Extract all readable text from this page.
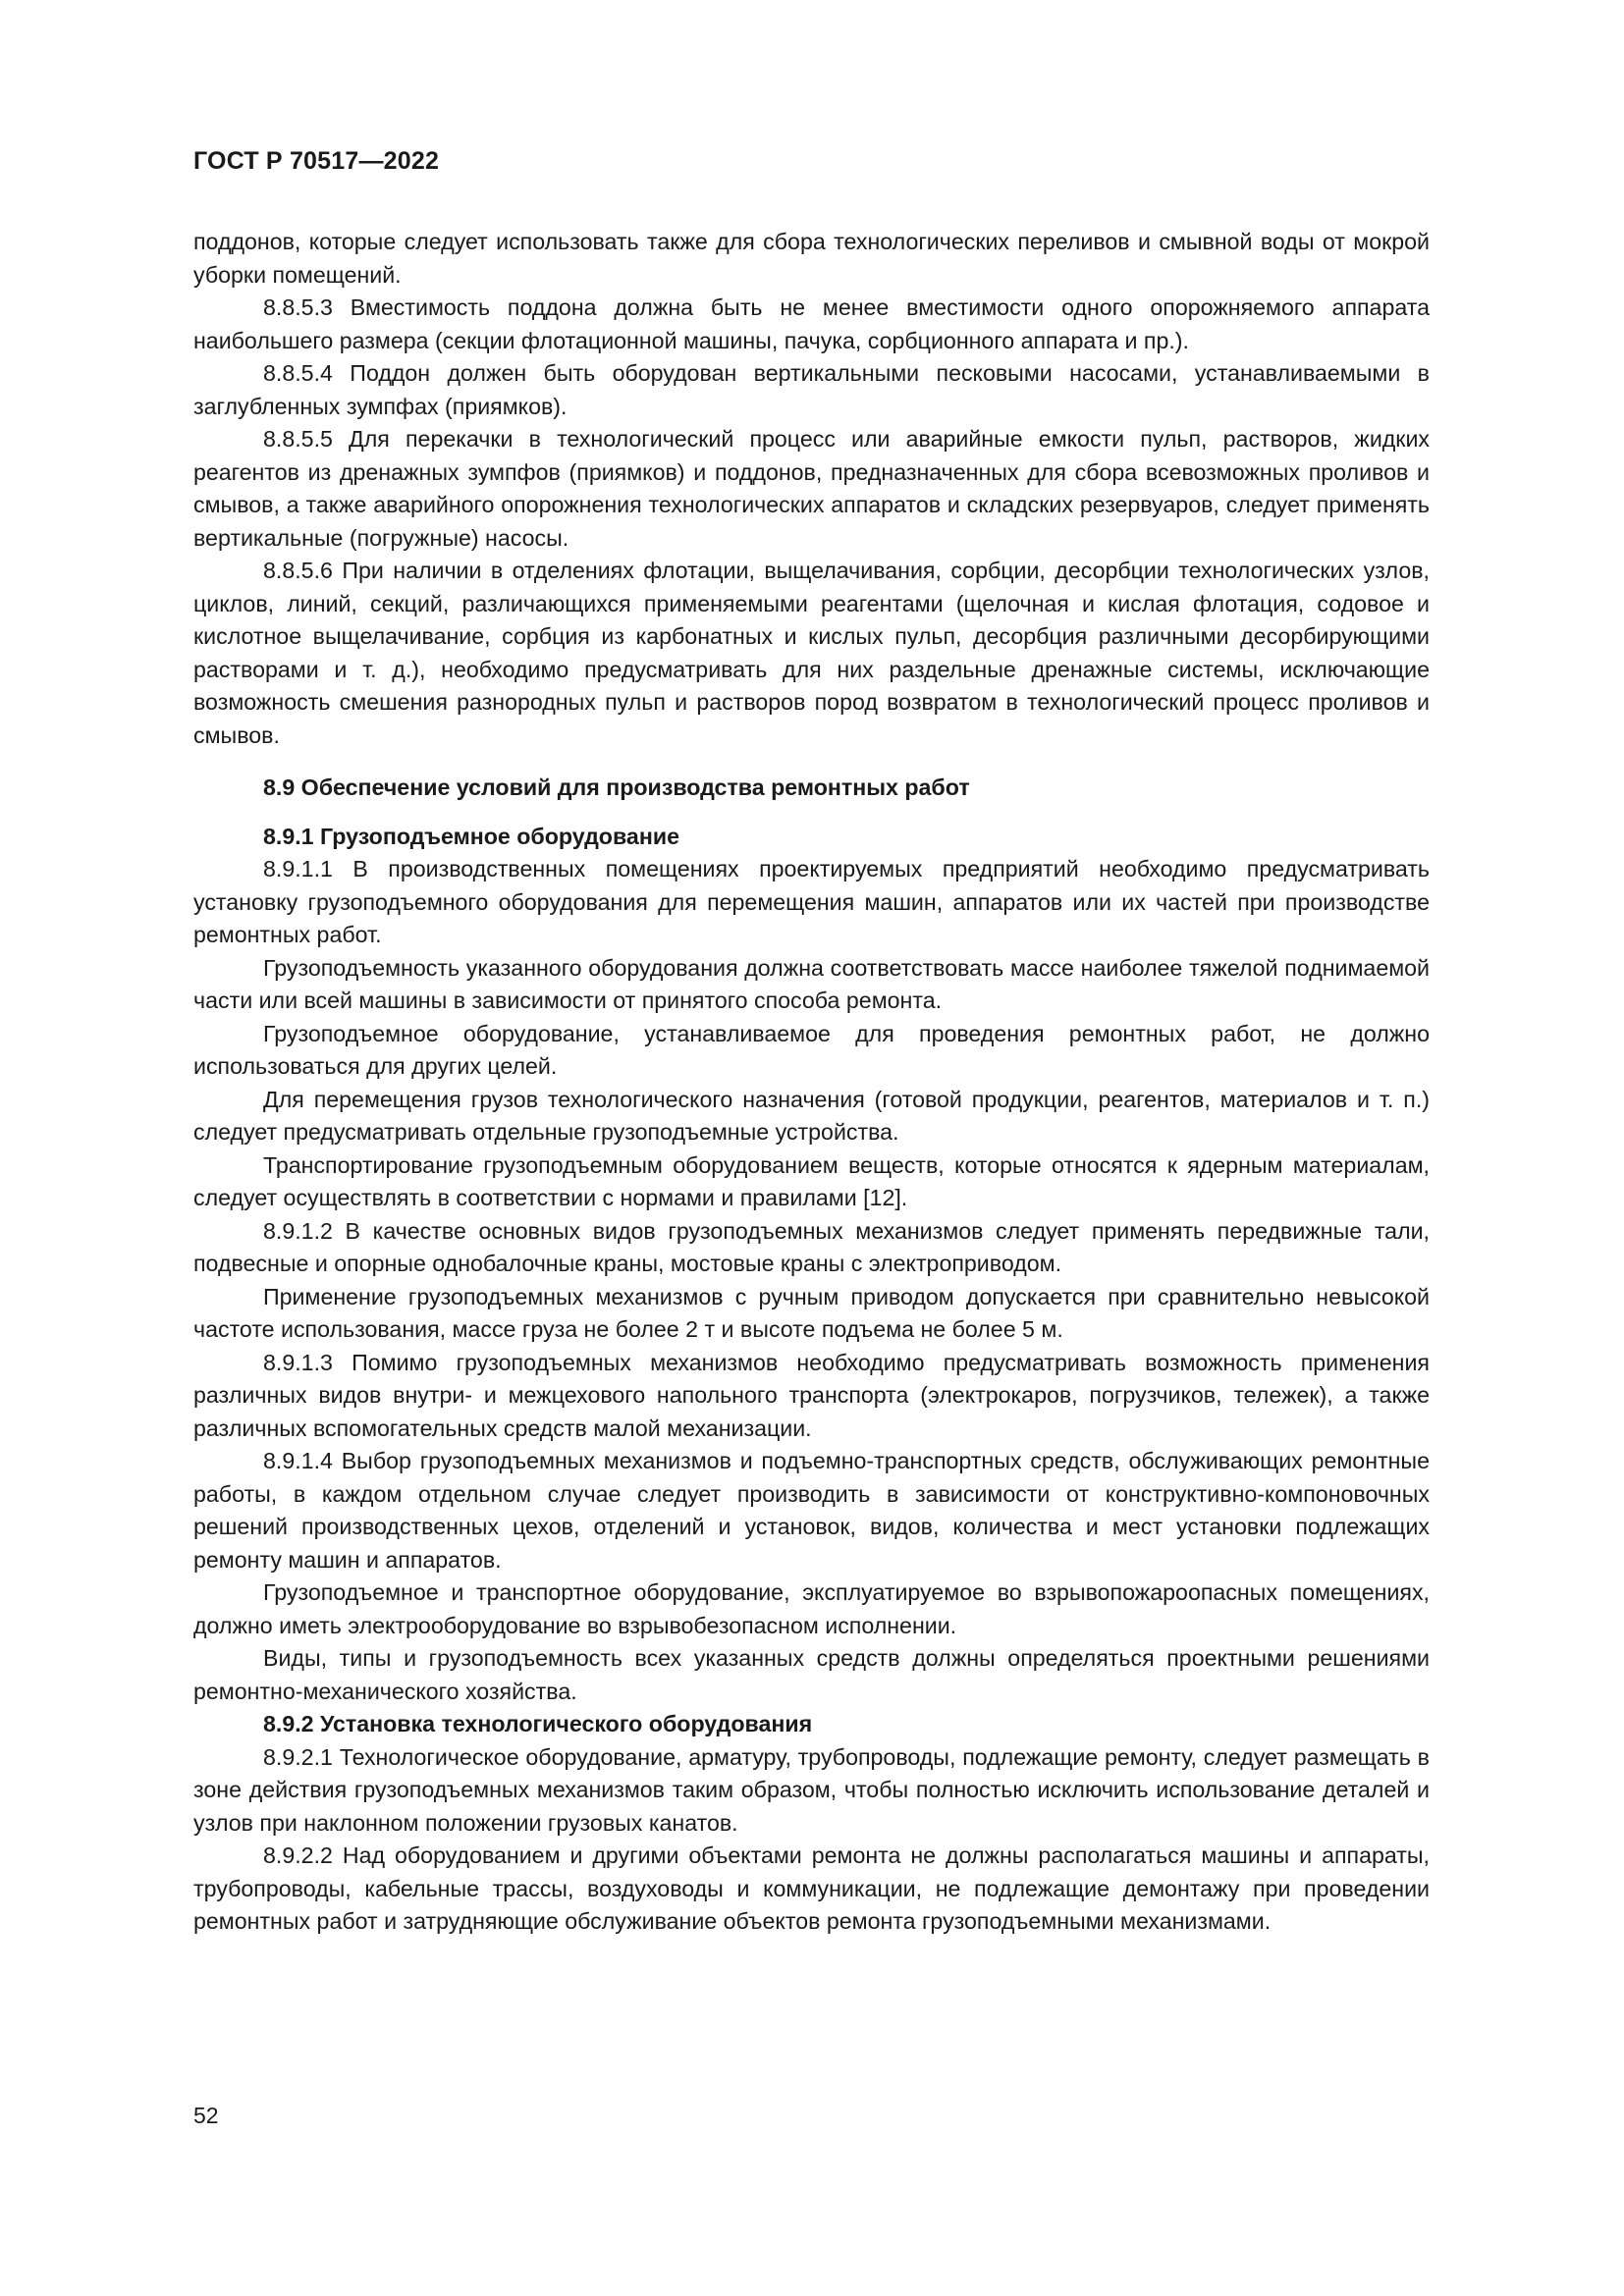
ГОСТ Р 70517—2022

поддонов, которые следует использовать также для сбора технологических переливов и смывной воды от мокрой уборки помещений.

8.8.5.3 Вместимость поддона должна быть не менее вместимости одного опорожняемого аппарата наибольшего размера (секции флотационной машины, пачука, сорбционного аппарата и пр.).

8.8.5.4 Поддон должен быть оборудован вертикальными песковыми насосами, устанавливаемыми в заглубленных зумпфах (приямков).

8.8.5.5 Для перекачки в технологический процесс или аварийные емкости пульп, растворов, жидких реагентов из дренажных зумпфов (приямков) и поддонов, предназначенных для сбора всевозможных проливов и смывов, а также аварийного опорожнения технологических аппаратов и складских резервуаров, следует применять вертикальные (погружные) насосы.

8.8.5.6 При наличии в отделениях флотации, выщелачивания, сорбции, десорбции технологических узлов, циклов, линий, секций, различающихся применяемыми реагентами (щелочная и кислая флотация, содовое и кислотное выщелачивание, сорбция из карбонатных и кислых пульп, десорбция различными десорбирующими растворами и т. д.), необходимо предусматривать для них раздельные дренажные системы, исключающие возможность смешения разнородных пульп и растворов пород возвратом в технологический процесс проливов и смывов.

8.9 Обеспечение условий для производства ремонтных работ
8.9.1 Грузоподъемное оборудование

8.9.1.1 В производственных помещениях проектируемых предприятий необходимо предусматривать установку грузоподъемного оборудования для перемещения машин, аппаратов или их частей при производстве ремонтных работ.

Грузоподъемность указанного оборудования должна соответствовать массе наиболее тяжелой поднимаемой части или всей машины в зависимости от принятого способа ремонта.

Грузоподъемное оборудование, устанавливаемое для проведения ремонтных работ, не должно использоваться для других целей.

Для перемещения грузов технологического назначения (готовой продукции, реагентов, материалов и т. п.) следует предусматривать отдельные грузоподъемные устройства.

Транспортирование грузоподъемным оборудованием веществ, которые относятся к ядерным материалам, следует осуществлять в соответствии с нормами и правилами [12].

8.9.1.2 В качестве основных видов грузоподъемных механизмов следует применять передвижные тали, подвесные и опорные однобалочные краны, мостовые краны с электроприводом.

Применение грузоподъемных механизмов с ручным приводом допускается при сравнительно невысокой частоте использования, массе груза не более 2 т и высоте подъема не более 5 м.

8.9.1.3 Помимо грузоподъемных механизмов необходимо предусматривать возможность применения различных видов внутри- и межцехового напольного транспорта (электрокаров, погрузчиков, тележек), а также различных вспомогательных средств малой механизации.

8.9.1.4 Выбор грузоподъемных механизмов и подъемно-транспортных средств, обслуживающих ремонтные работы, в каждом отдельном случае следует производить в зависимости от конструктивно-компоновочных решений производственных цехов, отделений и установок, видов, количества и мест установки подлежащих ремонту машин и аппаратов.

Грузоподъемное и транспортное оборудование, эксплуатируемое во взрывопожароопасных помещениях, должно иметь электрооборудование во взрывобезопасном исполнении.

Виды, типы и грузоподъемность всех указанных средств должны определяться проектными решениями ремонтно-механического хозяйства.

8.9.2 Установка технологического оборудования

8.9.2.1 Технологическое оборудование, арматуру, трубопроводы, подлежащие ремонту, следует размещать в зоне действия грузоподъемных механизмов таким образом, чтобы полностью исключить использование деталей и узлов при наклонном положении грузовых канатов.

8.9.2.2 Над оборудованием и другими объектами ремонта не должны располагаться машины и аппараты, трубопроводы, кабельные трассы, воздуховоды и коммуникации, не подлежащие демонтажу при проведении ремонтных работ и затрудняющие обслуживание объектов ремонта грузоподъемными механизмами.

52
